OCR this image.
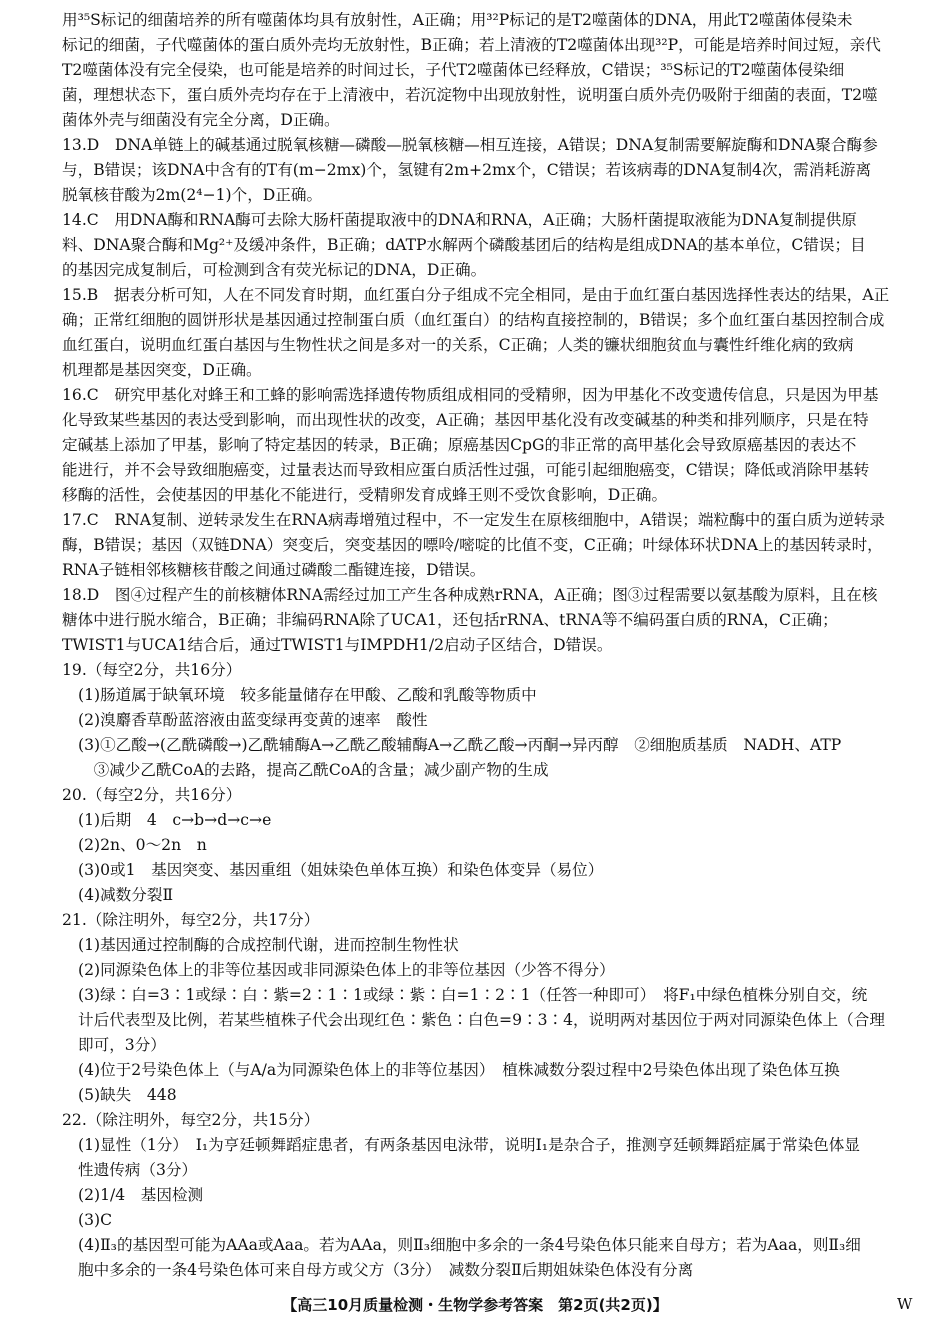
用³⁵S标记的细菌培养的所有噬菌体均具有放射性，A正确；用³²P标记的是T2噬菌体的DNA，用此T2噬菌体侵染未
标记的细菌，子代噬菌体的蛋白质外壳均无放射性，B正确；若上清液的T2噬菌体出现³²P，可能是培养时间过短，亲代
T2噬菌体没有完全侵染，也可能是培养的时间过长，子代T2噬菌体已经释放，C错误；³⁵S标记的T2噬菌体侵染细
菌，理想状态下，蛋白质外壳均存在于上清液中，若沉淀物中出现放射性，说明蛋白质外壳仍吸附于细菌的表面，T2噬
菌体外壳与细菌没有完全分离，D正确。
13.D　DNA单链上的碱基通过脱氧核糖—磷酸—脱氧核糖—相互连接，A错误；DNA复制需要解旋酶和DNA聚合酶参
与，B错误；该DNA中含有的T有(m−2mx)个，氢键有2m+2mx个，C错误；若该病毒的DNA复制4次，需消耗游离
脱氧核苷酸为2m(2⁴−1)个，D正确。
14.C　用DNA酶和RNA酶可去除大肠杆菌提取液中的DNA和RNA，A正确；大肠杆菌提取液能为DNA复制提供原
料、DNA聚合酶和Mg²⁺及缓冲条件，B正确；dATP水解两个磷酸基团后的结构是组成DNA的基本单位，C错误；目
的基因完成复制后，可检测到含有荧光标记的DNA，D正确。
15.B　据表分析可知，人在不同发育时期，血红蛋白分子组成不完全相同，是由于血红蛋白基因选择性表达的结果，A正
确；正常红细胞的圆饼形状是基因通过控制蛋白质（血红蛋白）的结构直接控制的，B错误；多个血红蛋白基因控制合成
血红蛋白，说明血红蛋白基因与生物性状之间是多对一的关系，C正确；人类的镰状细胞贫血与囊性纤维化病的致病
机理都是基因突变，D正确。
16.C　研究甲基化对蜂王和工蜂的影响需选择遗传物质组成相同的受精卵，因为甲基化不改变遗传信息，只是因为甲基
化导致某些基因的表达受到影响，而出现性状的改变，A正确；基因甲基化没有改变碱基的种类和排列顺序，只是在特
定碱基上添加了甲基，影响了特定基因的转录，B正确；原癌基因CpG的非正常的高甲基化会导致原癌基因的表达不
能进行，并不会导致细胞癌变，过量表达而导致相应蛋白质活性过强，可能引起细胞癌变，C错误；降低或消除甲基转
移酶的活性，会使基因的甲基化不能进行，受精卵发育成蜂王则不受饮食影响，D正确。
17.C　RNA复制、逆转录发生在RNA病毒增殖过程中，不一定发生在原核细胞中，A错误；端粒酶中的蛋白质为逆转录
酶，B错误；基因（双链DNA）突变后，突变基因的嘌呤/嘧啶的比值不变，C正确；叶绿体环状DNA上的基因转录时，
RNA子链相邻核糖核苷酸之间通过磷酸二酯键连接，D错误。
18.D　图④过程产生的前核糖体RNA需经过加工产生各种成熟rRNA，A正确；图③过程需要以氨基酸为原料，且在核
糖体中进行脱水缩合，B正确；非编码RNA除了UCA1，还包括rRNA、tRNA等不编码蛋白质的RNA，C正确；
TWIST1与UCA1结合后，通过TWIST1与IMPDH1/2启动子区结合，D错误。
19.（每空2分，共16分）
(1)肠道属于缺氧环境　较多能量储存在甲酸、乙酸和乳酸等物质中
(2)溴麝香草酚蓝溶液由蓝变绿再变黄的速率　酸性
(3)①乙酸→(乙酰磷酸→)乙酰辅酶A→乙酰乙酸辅酶A→乙酰乙酸→丙酮→异丙醇　②细胞质基质　NADH、ATP
　③减少乙酰CoA的去路，提高乙酰CoA的含量；减少副产物的生成
20.（每空2分，共16分）
(1)后期　4　c→b→d→c→e
(2)2n、0～2n　n
(3)0或1　基因突变、基因重组（姐妹染色单体互换）和染色体变异（易位）
(4)减数分裂Ⅱ
21.（除注明外，每空2分，共17分）
(1)基因通过控制酶的合成控制代谢，进而控制生物性状
(2)同源染色体上的非等位基因或非同源染色体上的非等位基因（少答不得分）
(3)绿∶白=3∶1或绿∶白∶紫=2∶1∶1或绿∶紫∶白=1∶2∶1（任答一种即可）　将F₁中绿色植株分别自交，统
计后代表型及比例，若某些植株子代会出现红色∶紫色∶白色=9∶3∶4，说明两对基因位于两对同源染色体上（合理
即可，3分）
(4)位于2号染色体上（与A/a为同源染色体上的非等位基因）　植株减数分裂过程中2号染色体出现了染色体互换
(5)缺失　448
22.（除注明外，每空2分，共15分）
(1)显性（1分）　Ⅰ₁为亨廷顿舞蹈症患者，有两条基因电泳带，说明Ⅰ₁是杂合子，推测亨廷顿舞蹈症属于常染色体显
性遗传病（3分）
(2)1/4　基因检测
(3)C
(4)Ⅱ₃的基因型可能为AAa或Aaa。若为AAa，则Ⅱ₃细胞中多余的一条4号染色体只能来自母方；若为Aaa，则Ⅱ₃细
胞中多余的一条4号染色体可来自母方或父方（3分）　减数分裂Ⅱ后期姐妹染色体没有分离
【高三10月质量检测・生物学参考答案　第2页(共2页)】	W
